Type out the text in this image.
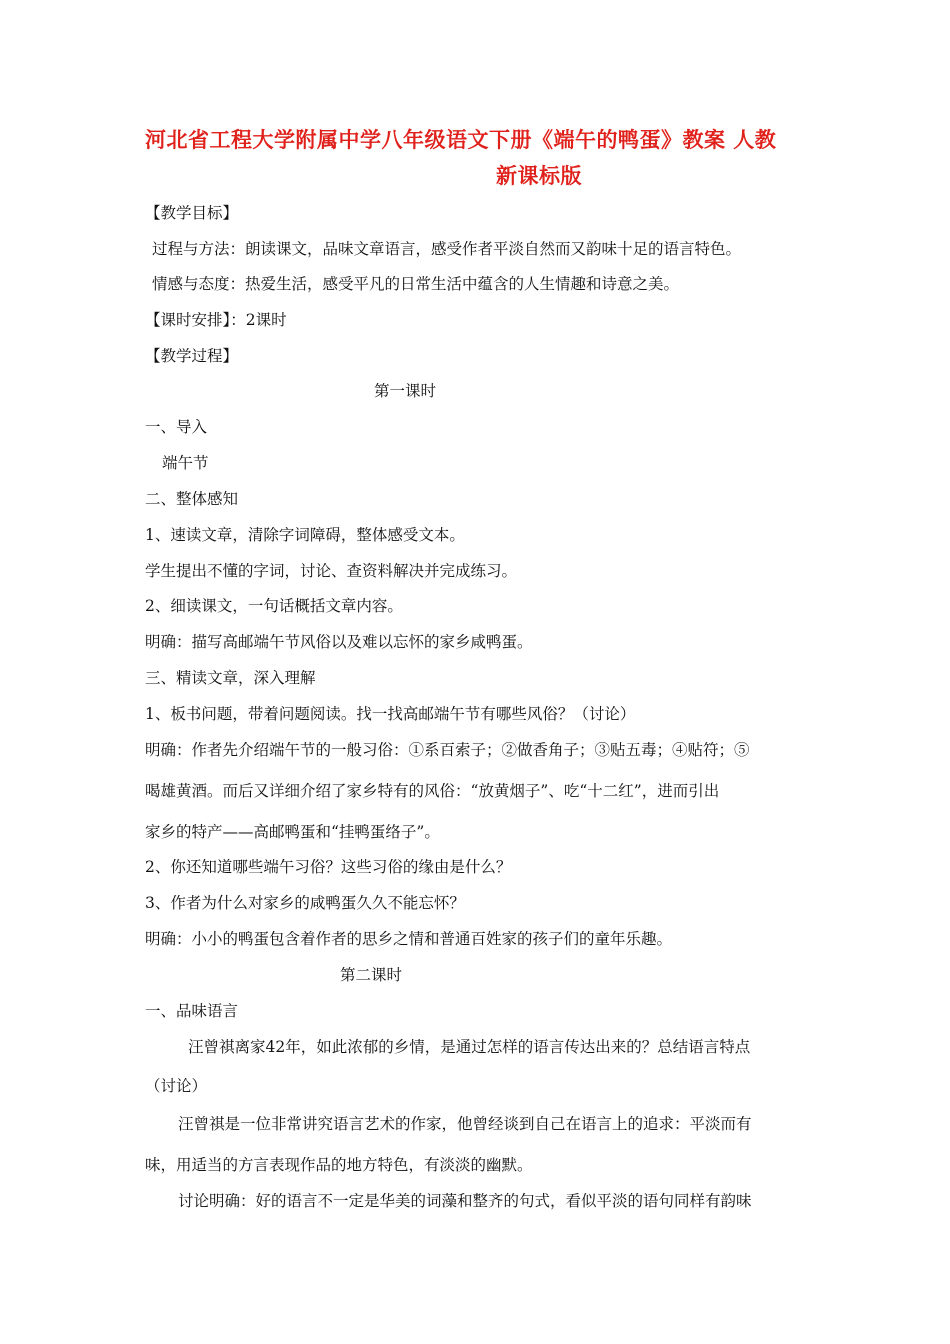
河北省工程大学附属中学八年级语文下册《端午的鸭蛋》教案 人教
新课标版
【教学目标】
过程与方法：朗读课文，品味文章语言，感受作者平淡自然而又韵味十足的语言特色。
情感与态度：热爱生活，感受平凡的日常生活中蕴含的人生情趣和诗意之美。
【课时安排】：2课时
【教学过程】
第一课时
一、导入
端午节
二、整体感知
1、速读文章，清除字词障碍，整体感受文本。
学生提出不懂的字词，讨论、查资料解决并完成练习。
2、细读课文，一句话概括文章内容。
明确：描写高邮端午节风俗以及难以忘怀的家乡咸鸭蛋。
三、精读文章，深入理解
1、板书问题，带着问题阅读。找一找高邮端午节有哪些风俗？（讨论）
明确：作者先介绍端午节的一般习俗：①系百索子；②做香角子；③贴五毒；④贴符；⑤
喝雄黄酒。而后又详细介绍了家乡特有的风俗：“放黄烟子”、吃“十二红”，进而引出
家乡的特产——高邮鸭蛋和“挂鸭蛋络子”。
2、你还知道哪些端午习俗？这些习俗的缘由是什么？
3、作者为什么对家乡的咸鸭蛋久久不能忘怀？
明确：小小的鸭蛋包含着作者的思乡之情和普通百姓家的孩子们的童年乐趣。
第二课时
一、品味语言
汪曾祺离家42年，如此浓郁的乡情，是通过怎样的语言传达出来的？总结语言特点
（讨论）
汪曾祺是一位非常讲究语言艺术的作家，他曾经谈到自己在语言上的追求：平淡而有
味，用适当的方言表现作品的地方特色，有淡淡的幽默。
讨论明确：好的语言不一定是华美的词藻和整齐的句式，看似平淡的语句同样有韵味
